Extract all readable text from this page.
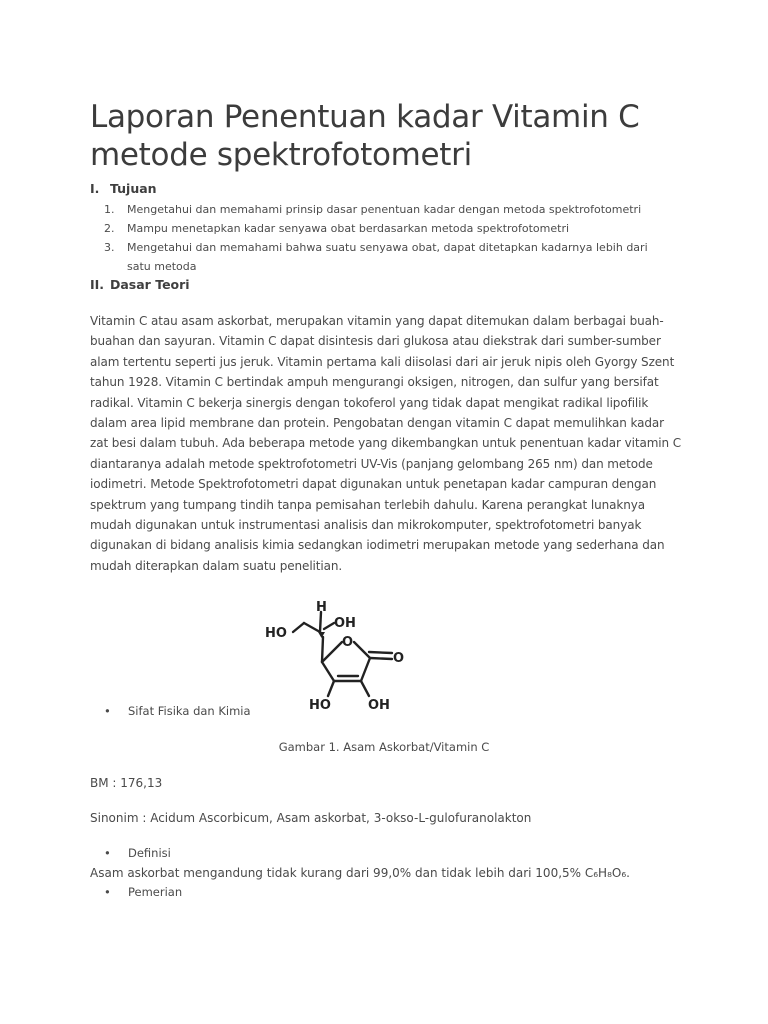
Laporan Penentuan kadar Vitamin C metode spektrofotometri
I. Tujuan
1. Mengetahui dan memahami prinsip dasar penentuan kadar dengan metoda spektrofotometri
2. Mampu menetapkan kadar senyawa obat berdasarkan metoda spektrofotometri
3. Mengetahui dan memahami bahwa suatu senyawa obat, dapat ditetapkan kadarnya lebih dari satu metoda
II. Dasar Teori

Vitamin C atau asam askorbat, merupakan vitamin yang dapat ditemukan dalam berbagai buah-buahan dan sayuran. Vitamin C dapat disintesis dari glukosa atau diekstrak dari sumber-sumber alam tertentu seperti jus jeruk. Vitamin pertama kali diisolasi dari air jeruk nipis oleh Gyorgy Szent tahun 1928. Vitamin C bertindak ampuh mengurangi oksigen, nitrogen, dan sulfur yang bersifat radikal. Vitamin C bekerja sinergis dengan tokoferol yang tidak dapat mengikat radikal lipofilik dalam area lipid membrane dan protein. Pengobatan dengan vitamin C dapat memulihkan kadar zat besi dalam tubuh. Ada beberapa metode yang dikembangkan untuk penentuan kadar vitamin C diantaranya adalah metode spektrofotometri UV-Vis (panjang gelombang 265 nm) dan metode iodimetri. Metode Spektrofotometri dapat digunakan untuk penetapan kadar campuran dengan spektrum yang tumpang tindih tanpa pemisahan terlebih dahulu. Karena perangkat lunaknya mudah digunakan untuk instrumentasi analisis dan mikrokomputer, spektrofotometri banyak digunakan di bidang analisis kimia sedangkan iodimetri merupakan metode yang sederhana dan mudah diterapkan dalam suatu penelitian.

H
OH
HO
O
O
HO	OH
• Sifat Fisika dan Kimia
Gambar 1. Asam Askorbat/Vitamin C
BM : 176,13
Sinonim : Acidum Ascorbicum, Asam askorbat, 3-okso-L-gulofuranolakton
• Definisi
Asam askorbat mengandung tidak kurang dari 99,0% dan tidak lebih dari 100,5% C₆H₈O₆.
• Pemerian
